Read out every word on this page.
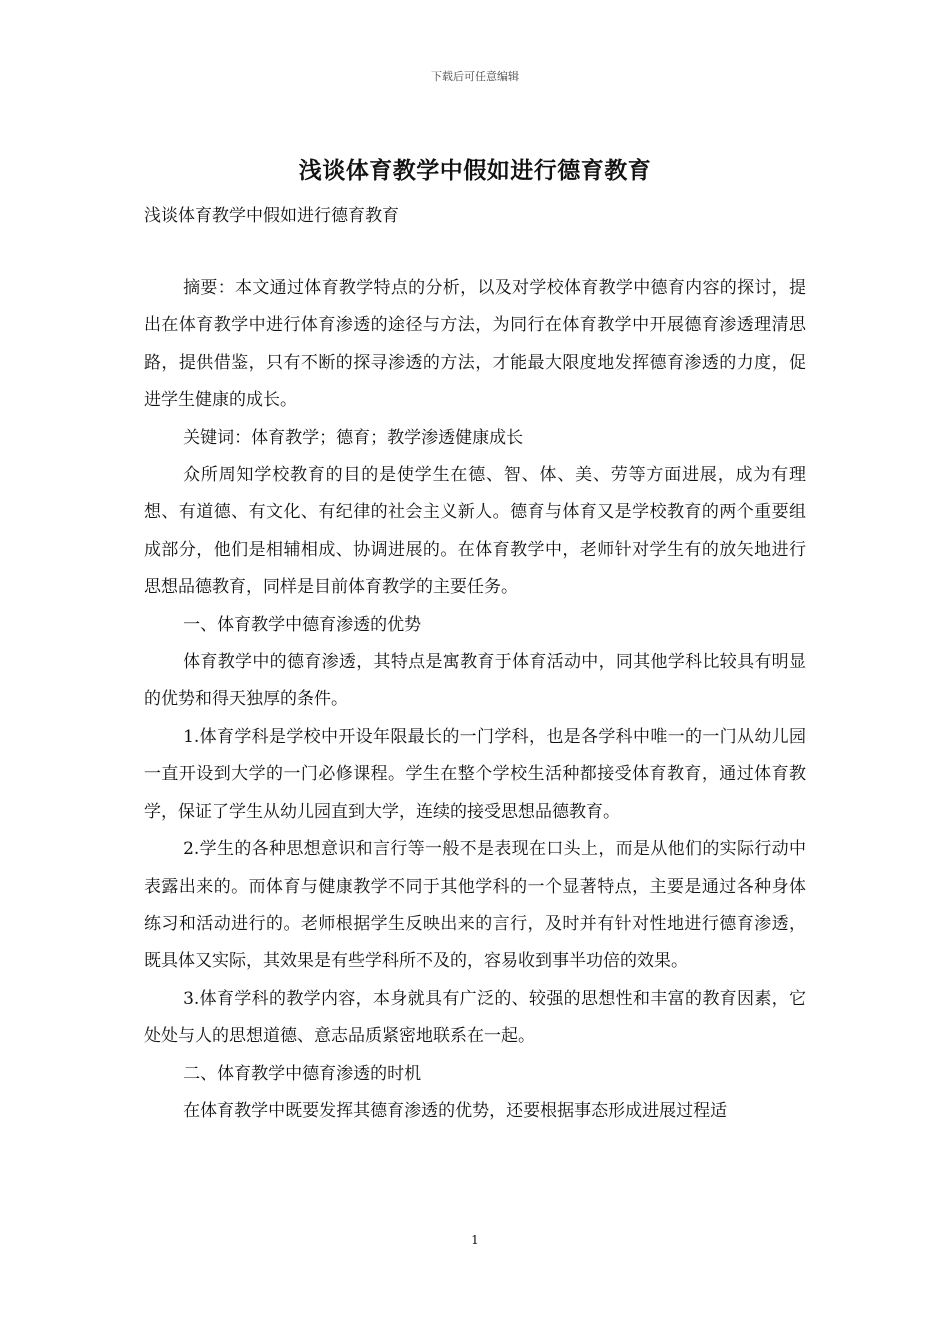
下载后可任意编辑
浅谈体育教学中假如进行德育教育
浅谈体育教学中假如进行德育教育

摘要：本文通过体育教学特点的分析，以及对学校体育教学中德育内容的探讨，提出在体育教学中进行体育渗透的途径与方法，为同行在体育教学中开展德育渗透理清思路，提供借鉴，只有不断的探寻渗透的方法，才能最大限度地发挥德育渗透的力度，促进学生健康的成长。

关键词：体育教学；德育；教学渗透健康成长

众所周知学校教育的目的是使学生在德、智、体、美、劳等方面进展，成为有理想、有道德、有文化、有纪律的社会主义新人。德育与体育又是学校教育的两个重要组成部分，他们是相辅相成、协调进展的。在体育教学中，老师针对学生有的放矢地进行思想品德教育，同样是目前体育教学的主要任务。

一、体育教学中德育渗透的优势

体育教学中的德育渗透，其特点是寓教育于体育活动中，同其他学科比较具有明显的优势和得天独厚的条件。

1.体育学科是学校中开设年限最长的一门学科，也是各学科中唯一的一门从幼儿园一直开设到大学的一门必修课程。学生在整个学校生活种都接受体育教育，通过体育教学，保证了学生从幼儿园直到大学，连续的接受思想品德教育。

2.学生的各种思想意识和言行等一般不是表现在口头上，而是从他们的实际行动中表露出来的。而体育与健康教学不同于其他学科的一个显著特点，主要是通过各种身体练习和活动进行的。老师根据学生反映出来的言行，及时并有针对性地进行德育渗透，既具体又实际，其效果是有些学科所不及的，容易收到事半功倍的效果。

3.体育学科的教学内容，本身就具有广泛的、较强的思想性和丰富的教育因素，它处处与人的思想道德、意志品质紧密地联系在一起。

二、体育教学中德育渗透的时机

在体育教学中既要发挥其德育渗透的优势，还要根据事态形成进展过程适

1
